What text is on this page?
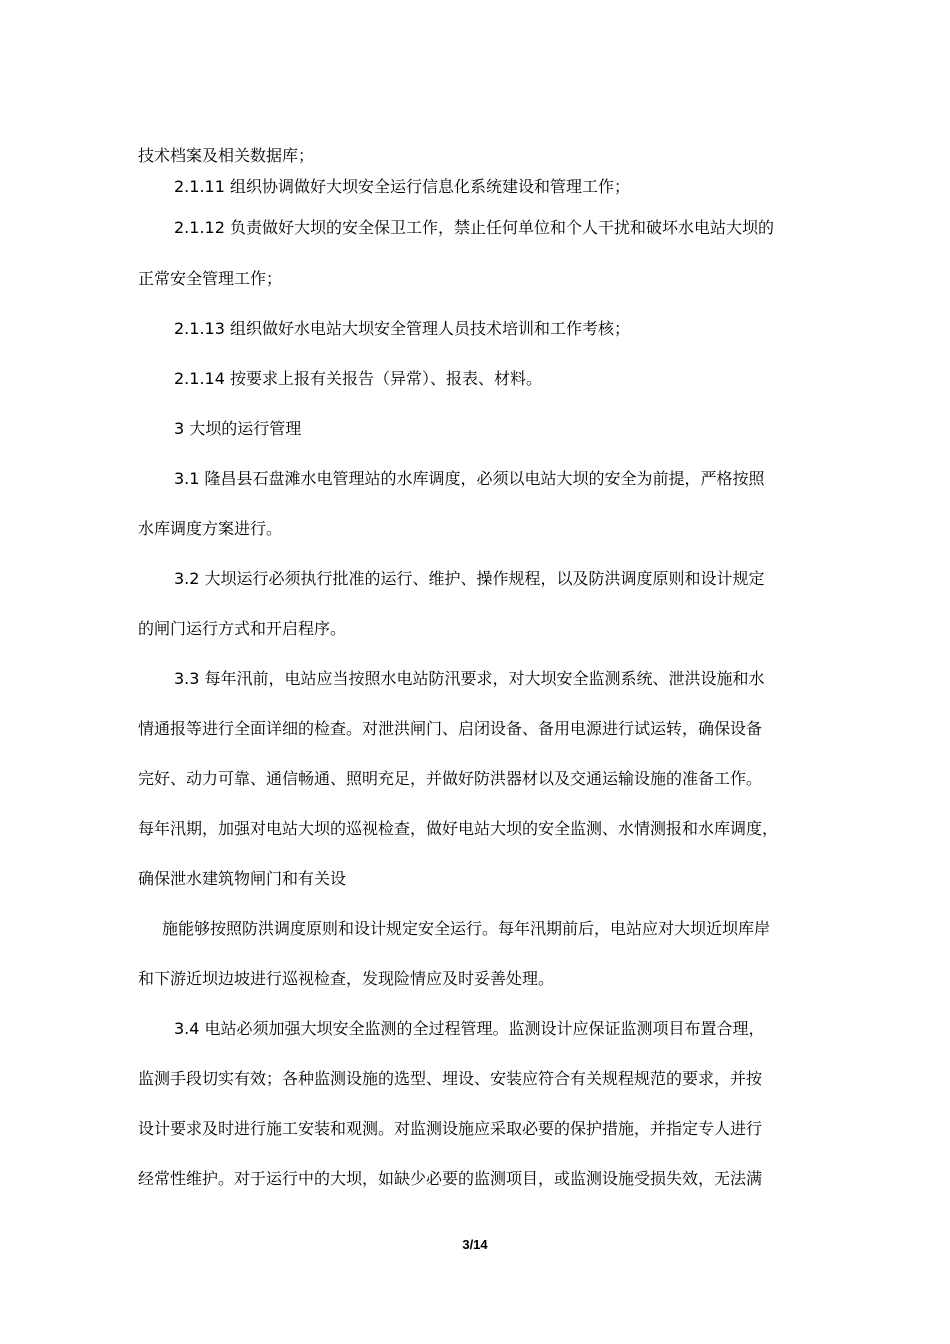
技术档案及相关数据库；

2.1.11 组织协调做好大坝安全运行信息化系统建设和管理工作；

2.1.12 负责做好大坝的安全保卫工作，禁止任何单位和个人干扰和破坏水电站大坝的

正常安全管理工作；

2.1.13 组织做好水电站大坝安全管理人员技术培训和工作考核；

2.1.14 按要求上报有关报告（异常）、报表、材料。

3 大坝的运行管理

3.1 隆昌县石盘滩水电管理站的水库调度，必须以电站大坝的安全为前提，严格按照

水库调度方案进行。

3.2 大坝运行必须执行批准的运行、维护、操作规程，以及防洪调度原则和设计规定

的闸门运行方式和开启程序。

3.3 每年汛前，电站应当按照水电站防汛要求，对大坝安全监测系统、泄洪设施和水

情通报等进行全面详细的检查。对泄洪闸门、启闭设备、备用电源进行试运转，确保设备

完好、动力可靠、通信畅通、照明充足，并做好防洪器材以及交通运输设施的准备工作。

每年汛期，加强对电站大坝的巡视检查，做好电站大坝的安全监测、水情测报和水库调度，

确保泄水建筑物闸门和有关设

施能够按照防洪调度原则和设计规定安全运行。每年汛期前后，电站应对大坝近坝库岸

和下游近坝边坡进行巡视检查，发现险情应及时妥善处理。

3.4 电站必须加强大坝安全监测的全过程管理。监测设计应保证监测项目布置合理，

监测手段切实有效；各种监测设施的选型、埋设、安装应符合有关规程规范的要求，并按

设计要求及时进行施工安装和观测。对监测设施应采取必要的保护措施，并指定专人进行

经常性维护。对于运行中的大坝，如缺少必要的监测项目，或监测设施受损失效，无法满

3/14
